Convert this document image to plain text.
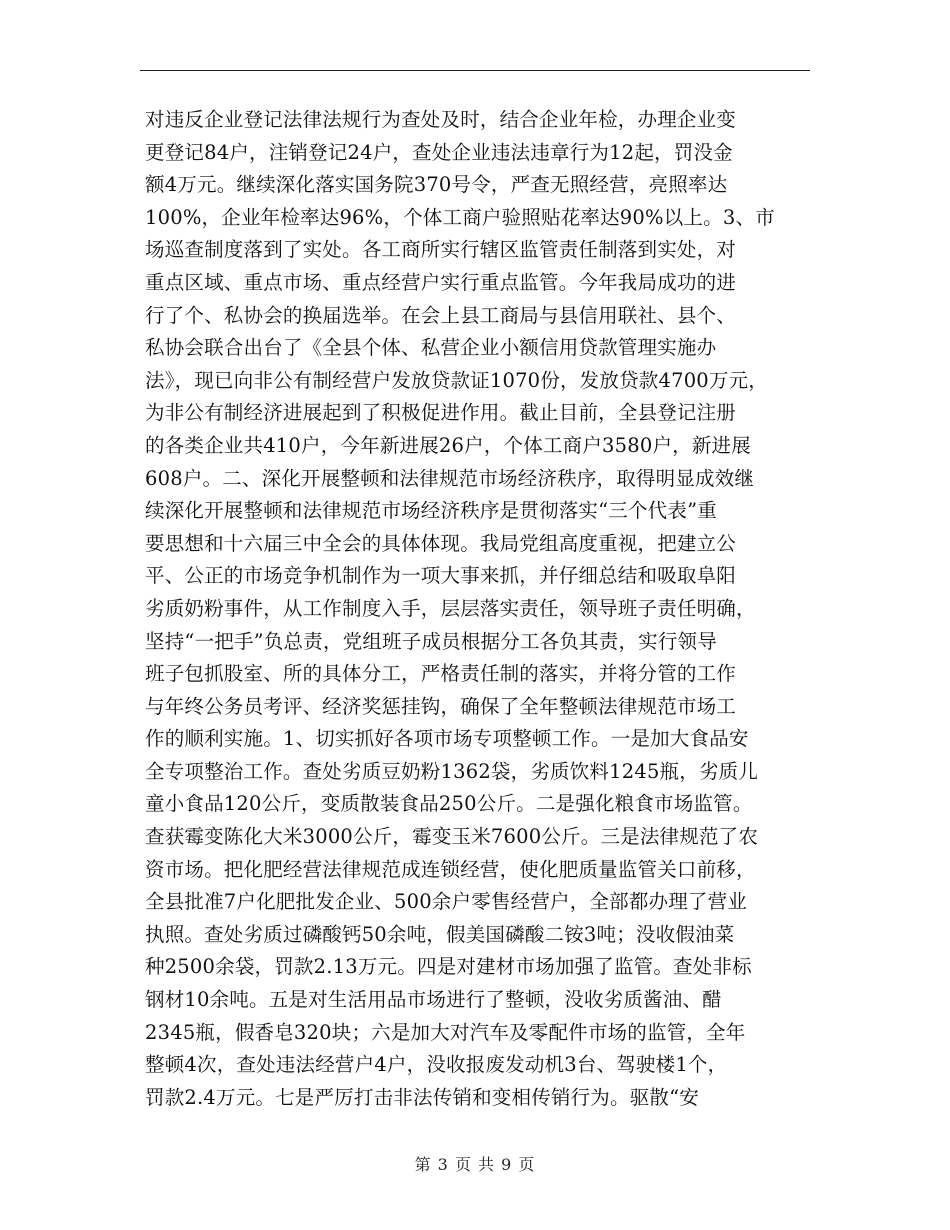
对违反企业登记法律法规行为查处及时，结合企业年检，办理企业变
更登记84户，注销登记24户，查处企业违法违章行为12起，罚没金
额4万元。继续深化落实国务院370号令，严查无照经营，亮照率达
100%，企业年检率达96%，个体工商户验照贴花率达90%以上。3、市
场巡查制度落到了实处。各工商所实行辖区监管责任制落到实处，对
重点区域、重点市场、重点经营户实行重点监管。今年我局成功的进
行了个、私协会的换届选举。在会上县工商局与县信用联社、县个、
私协会联合出台了《全县个体、私营企业小额信用贷款管理实施办
法》，现已向非公有制经营户发放贷款证1070份，发放贷款4700万元，
为非公有制经济进展起到了积极促进作用。截止目前，全县登记注册
的各类企业共410户，今年新进展26户，个体工商户3580户，新进展
608户。二、深化开展整顿和法律规范市场经济秩序，取得明显成效继
续深化开展整顿和法律规范市场经济秩序是贯彻落实“三个代表”重
要思想和十六届三中全会的具体体现。我局党组高度重视，把建立公
平、公正的市场竞争机制作为一项大事来抓，并仔细总结和吸取阜阳
劣质奶粉事件，从工作制度入手，层层落实责任，领导班子责任明确，
坚持“一把手”负总责，党组班子成员根据分工各负其责，实行领导
班子包抓股室、所的具体分工，严格责任制的落实，并将分管的工作
与年终公务员考评、经济奖惩挂钩，确保了全年整顿法律规范市场工
作的顺利实施。1、切实抓好各项市场专项整顿工作。一是加大食品安
全专项整治工作。查处劣质豆奶粉1362袋，劣质饮料1245瓶，劣质儿
童小食品120公斤，变质散装食品250公斤。二是强化粮食市场监管。
查获霉变陈化大米3000公斤，霉变玉米7600公斤。三是法律规范了农
资市场。把化肥经营法律规范成连锁经营，使化肥质量监管关口前移，
全县批准7户化肥批发企业、500余户零售经营户，全部都办理了营业
执照。查处劣质过磷酸钙50余吨，假美国磷酸二铵3吨；没收假油菜
种2500余袋，罚款2.13万元。四是对建材市场加强了监管。查处非标
钢材10余吨。五是对生活用品市场进行了整顿，没收劣质酱油、醋
2345瓶，假香皂320块；六是加大对汽车及零配件市场的监管，全年
整顿4次，查处违法经营户4户，没收报废发动机3台、驾驶楼1个，
罚款2.4万元。七是严厉打击非法传销和变相传销行为。驱散“安
第 3 页 共 9 页
